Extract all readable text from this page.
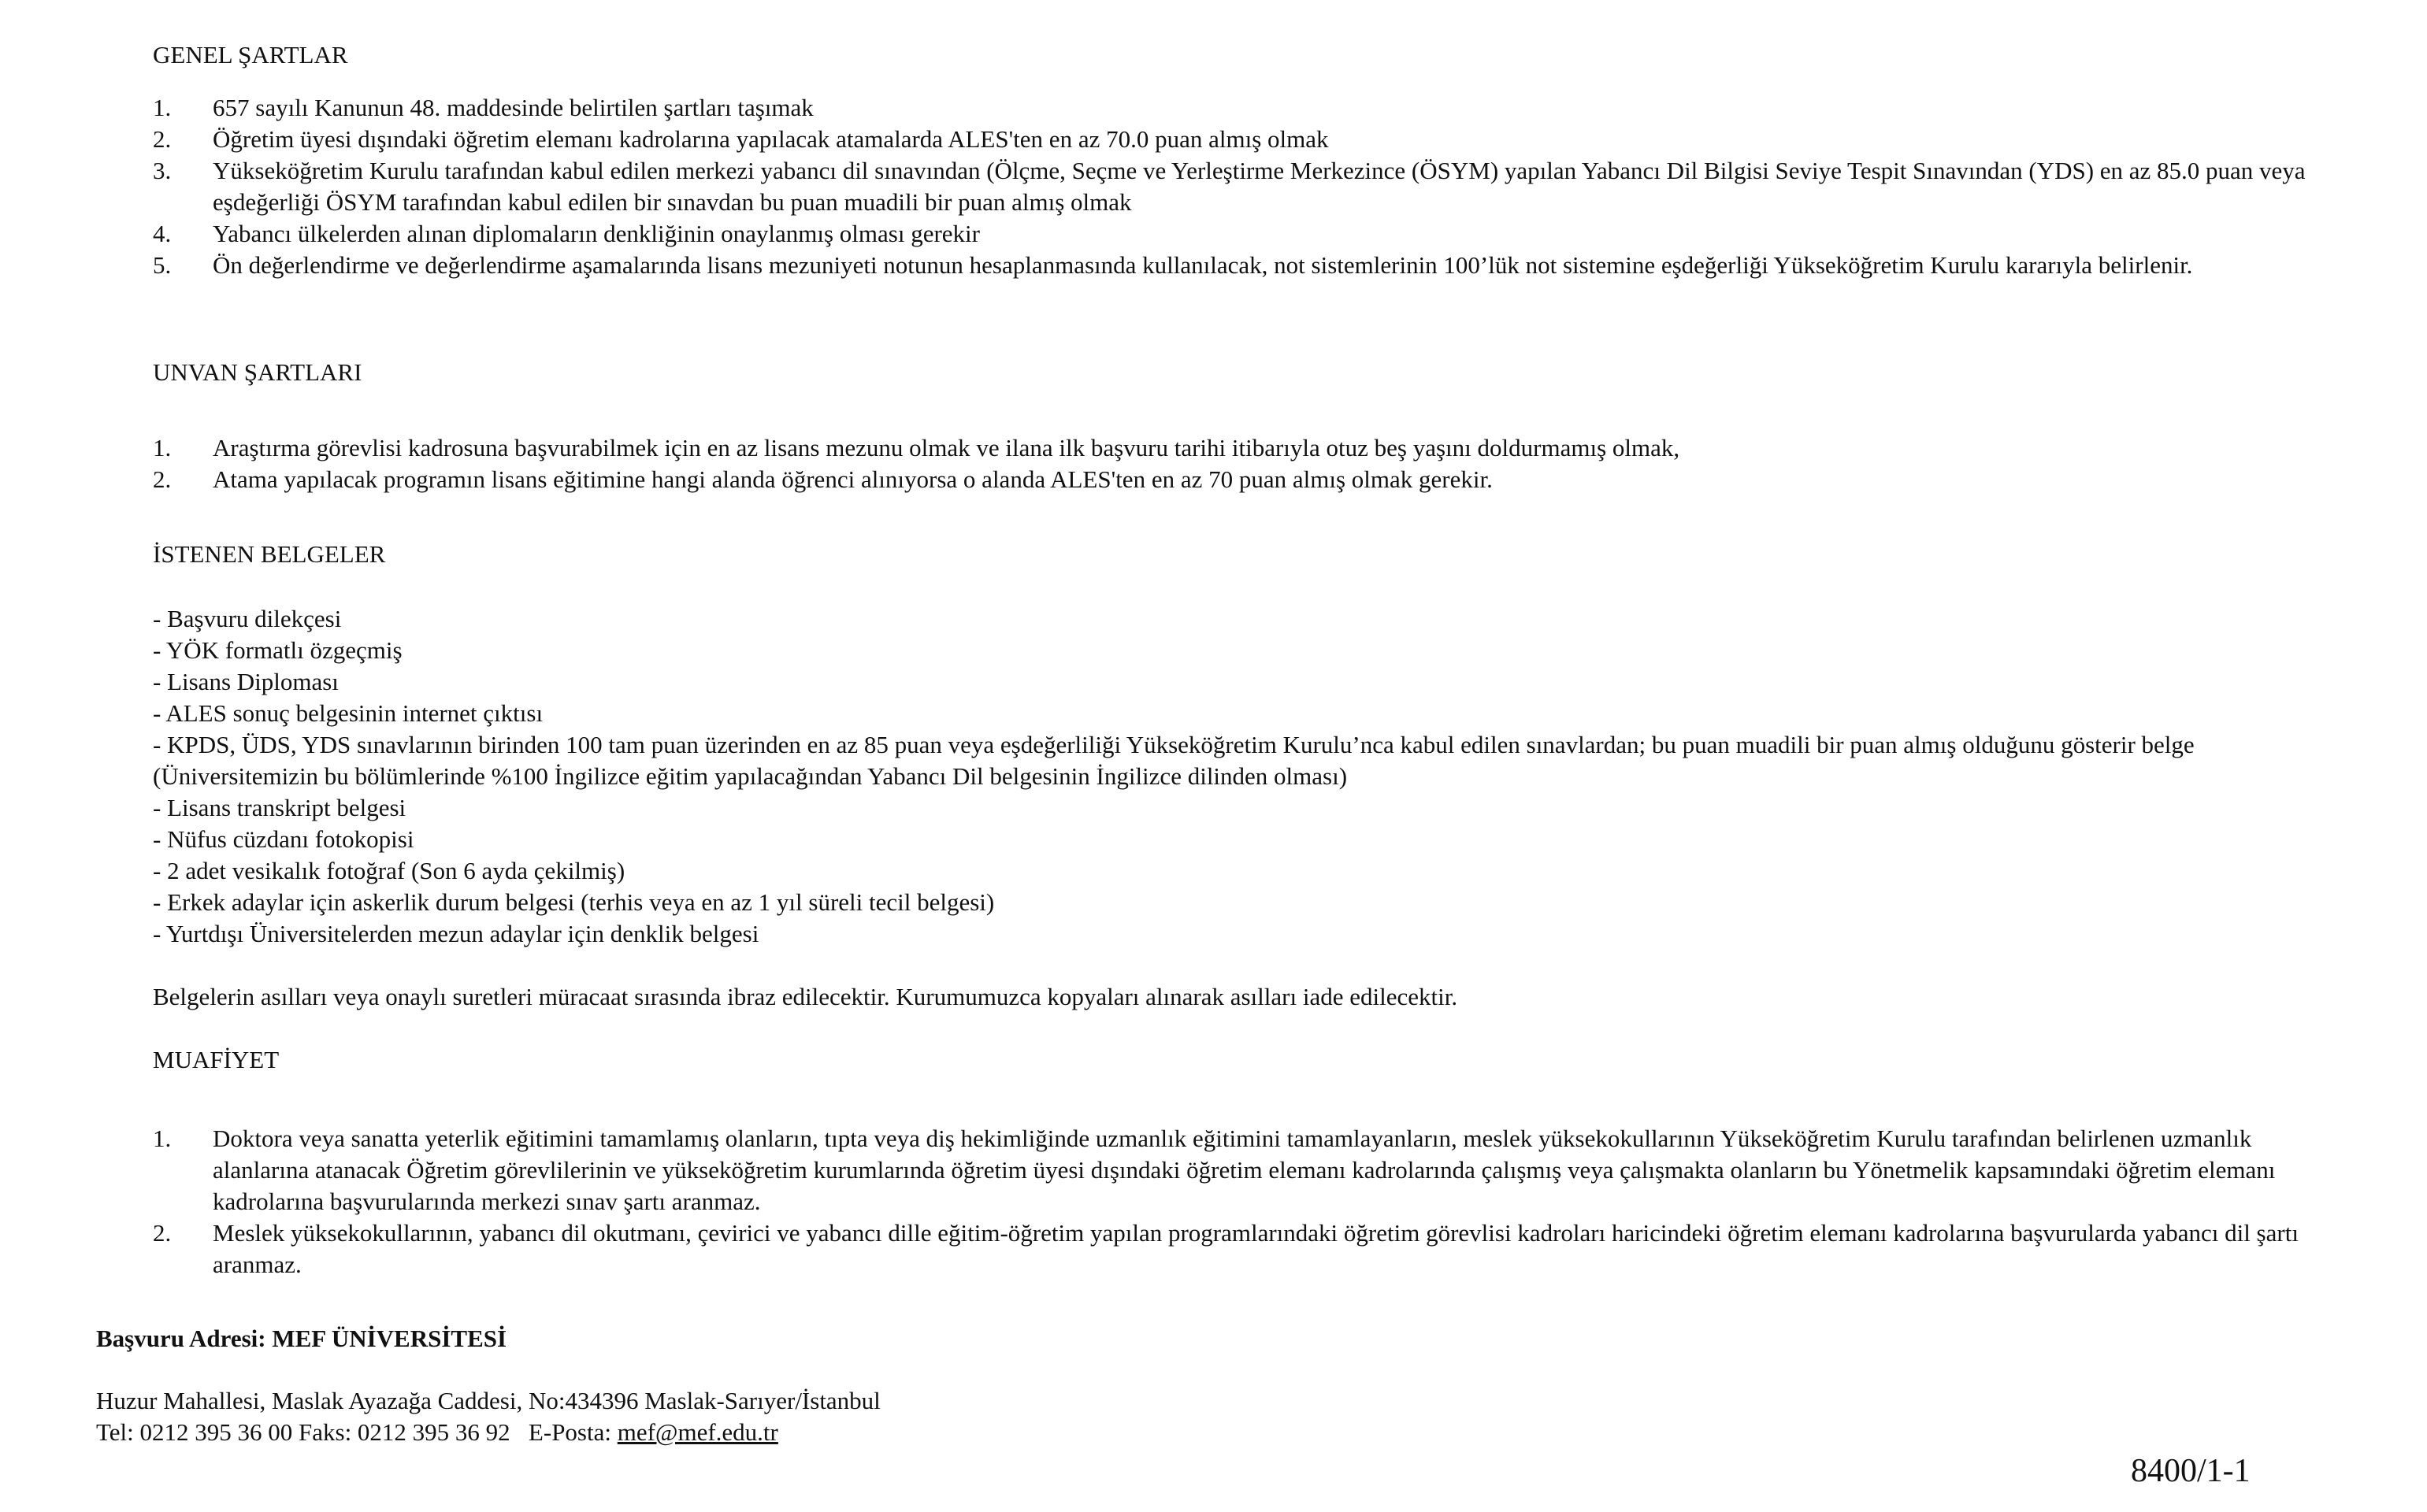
GENEL ŞARTLAR
1. 657 sayılı Kanunun 48. maddesinde belirtilen şartları taşımak
2. Öğretim üyesi dışındaki öğretim elemanı kadrolarına yapılacak atamalarda ALES'ten en az 70.0 puan almış olmak
3. Yükseköğretim Kurulu tarafından kabul edilen merkezi yabancı dil sınavından (Ölçme, Seçme ve Yerleştirme Merkezince (ÖSYM) yapılan Yabancı Dil Bilgisi Seviye Tespit Sınavından (YDS) en az 85.0 puan veya eşdeğerliği ÖSYM tarafından kabul edilen bir sınavdan bu puan muadili bir puan almış olmak
4. Yabancı ülkelerden alınan diplomaların denkliğinin onaylanmış olması gerekir
5. Ön değerlendirme ve değerlendirme aşamalarında lisans mezuniyeti notunun hesaplanmasında kullanılacak, not sistemlerinin 100’lük not sistemine eşdeğerliği Yükseköğretim Kurulu kararıyla belirlenir.
UNVAN ŞARTLARI
1. Araştırma görevlisi kadrosuna başvurabilmek için en az lisans mezunu olmak ve ilana ilk başvuru tarihi itibarıyla otuz beş yaşını doldurmamış olmak,
2. Atama yapılacak programın lisans eğitimine hangi alanda öğrenci alınıyorsa o alanda ALES'ten en az 70 puan almış olmak gerekir.
İSTENEN BELGELER
- Başvuru dilekçesi
- YÖK formatlı özgeçmiş
- Lisans Diploması
- ALES sonuç belgesinin internet çıktısı
- KPDS, ÜDS, YDS sınavlarının birinden 100 tam puan üzerinden en az 85 puan veya eşdeğerliliği Yükseköğretim Kurulu’nca kabul edilen sınavlardan; bu puan muadili bir puan almış olduğunu gösterir belge (Üniversitemizin bu bölümlerinde %100 İngilizce eğitim yapılacağından Yabancı Dil belgesinin İngilizce dilinden olması)
- Lisans transkript belgesi
- Nüfus cüzdanı fotokopisi
- 2 adet vesikalık fotoğraf (Son 6 ayda çekilmiş)
- Erkek adaylar için askerlik durum belgesi (terhis veya en az 1 yıl süreli tecil belgesi)
- Yurtdışı Üniversitelerden mezun adaylar için denklik belgesi

Belgelerin asılları veya onaylı suretleri müracaat sırasında ibraz edilecektir. Kurumumuzca kopyaları alınarak asılları iade edilecektir.

MUAFİYET
1. Doktora veya sanatta yeterlik eğitimini tamamlamış olanların, tıpta veya diş hekimliğinde uzmanlık eğitimini tamamlayanların, meslek yüksekokullarının Yükseköğretim Kurulu tarafından belirlenen uzmanlık alanlarına atanacak Öğretim görevlilerinin ve yükseköğretim kurumlarında öğretim üyesi dışındaki öğretim elemanı kadrolarında çalışmış veya çalışmakta olanların bu Yönetmelik kapsamındaki öğretim elemanı kadrolarına başvurularında merkezi sınav şartı aranmaz.
2. Meslek yüksekokullarının, yabancı dil okutmanı, çevirici ve yabancı dille eğitim-öğretim yapılan programlarındaki öğretim görevlisi kadroları haricindeki öğretim elemanı kadrolarına başvurularda yabancı dil şartı aranmaz.
Başvuru Adresi: MEF ÜNİVERSİTESİ
Huzur Mahallesi, Maslak Ayazağa Caddesi, No:434396 Maslak-Sarıyer/İstanbul
Tel: 0212 395 36 00 Faks: 0212 395 36 92   E-Posta: mef@mef.edu.tr
8400/1-1
